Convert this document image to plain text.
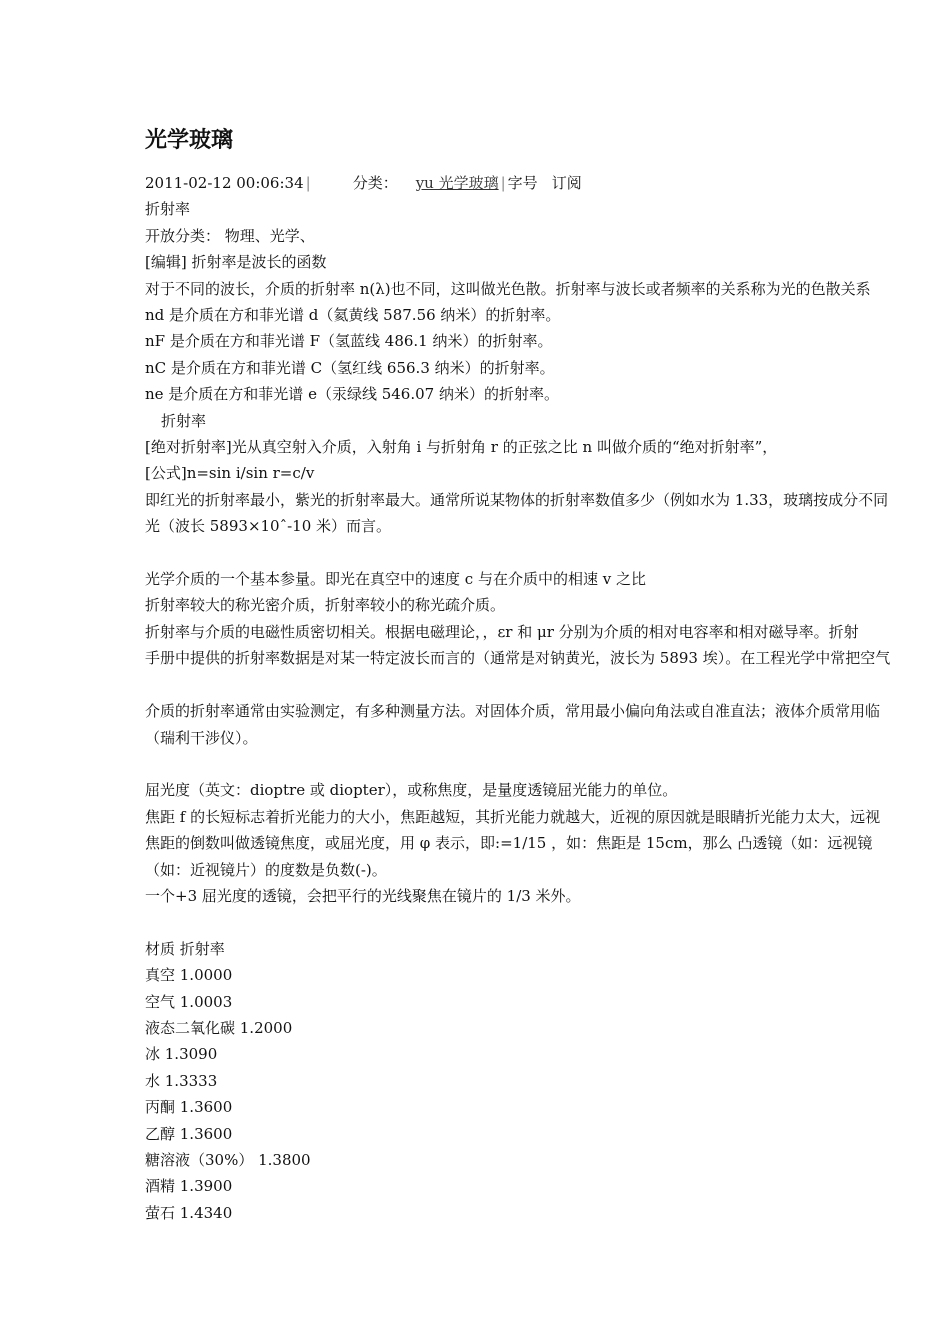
光学玻璃
2011-02-12 00:06:34 |	分类： yu 光学玻璃 | 字号 订阅
折射率
开放分类： 物理、光学、
[编辑] 折射率是波长的函数
对于不同的波长，介质的折射率 n(λ)也不同，这叫做光色散。折射率与波长或者频率的关系称为光的色散关系
nd 是介质在方和菲光谱 d（氦黄线 587.56 纳米）的折射率。
nF 是介质在方和菲光谱 F（氢蓝线 486.1 纳米）的折射率。
nC 是介质在方和菲光谱 C（氢红线 656.3 纳米）的折射率。
ne 是介质在方和菲光谱 e（汞绿线 546.07 纳米）的折射率。
折射率
[绝对折射率]光从真空射入介质，入射角 i 与折射角 r 的正弦之比 n 叫做介质的“绝对折射率”，
[公式]n=sin i/sin r=c/v
即红光的折射率最小，紫光的折射率最大。通常所说某物体的折射率数值多少（例如水为 1.33，玻璃按成分不同
光（波长 5893×10ˆ-10 米）而言。
光学介质的一个基本参量。即光在真空中的速度 c 与在介质中的相速 v 之比
折射率较大的称光密介质，折射率较小的称光疏介质。
折射率与介质的电磁性质密切相关。根据电磁理论，，εr 和 μr 分别为介质的相对电容率和相对磁导率。折射
手册中提供的折射率数据是对某一特定波长而言的（通常是对钠黄光，波长为 5893 埃）。在工程光学中常把空气
介质的折射率通常由实验测定，有多种测量方法。对固体介质，常用最小偏向角法或自准直法；液体介质常用临
（瑞利干涉仪）。
屈光度（英文：dioptre 或 diopter），或称焦度，是量度透镜屈光能力的单位。
焦距 f 的长短标志着折光能力的大小，焦距越短，其折光能力就越大，近视的原因就是眼睛折光能力太大，远视
焦距的倒数叫做透镜焦度，或屈光度，用 φ 表示，即:=1/15 ，如：焦距是 15cm，那么 凸透镜（如：远视镜
（如：近视镜片）的度数是负数(-)。
一个+3 屈光度的透镜，会把平行的光线聚焦在镜片的 1/3 米外。
材质 折射率
真空 1.0000
空气 1.0003
液态二氧化碳 1.2000
冰 1.3090
水 1.3333
丙酮 1.3600
乙醇 1.3600
糖溶液（30%） 1.3800
酒精 1.3900
萤石 1.4340
